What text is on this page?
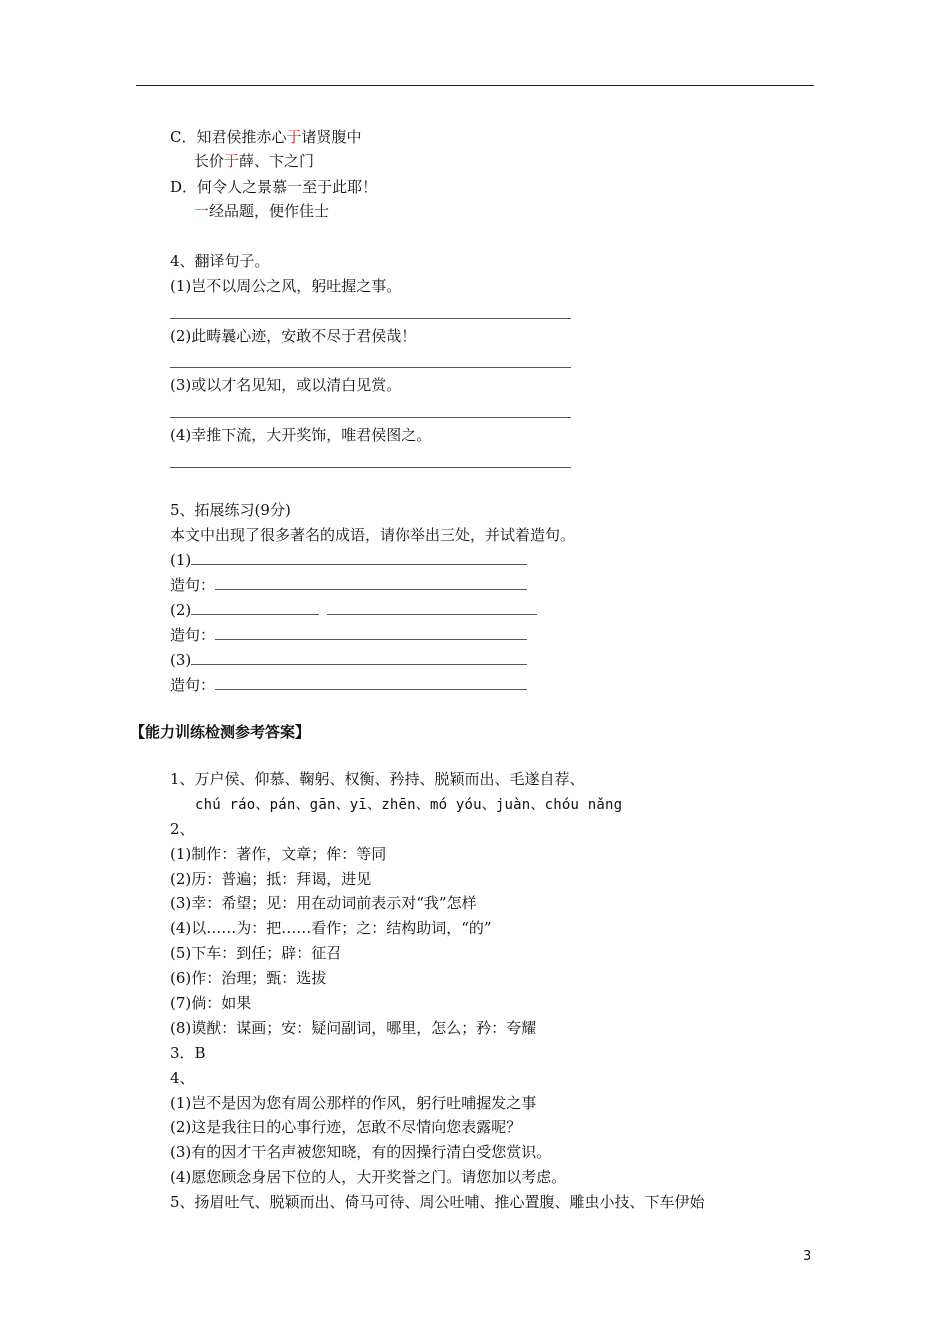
C．知君侯推赤心于诸贤腹中
长价于薛、卞之门
D．何令人之景慕一至于此耶！
一经品题，便作佳士
4、翻译句子。
(1)岂不以周公之风，躬吐握之事。
(2)此畴曩心迹，安敢不尽于君侯哉！
(3)或以才名见知，或以清白见赏。
(4)幸推下流，大开奖饰，唯君侯图之。
5、拓展练习(9分)
本文中出现了很多著名的成语，请你举出三处，并试着造句。
(1)
造句：
(2)
造句：
(3)
造句：
【能力训练检测参考答案】
1、万户侯、仰慕、鞠躬、权衡、矜持、脱颖而出、毛遂自荐、
chú ráo、pán、gān、yī、zhēn、mó yóu、juàn、chóu nǎng
2、
(1)制作：著作，文章；侔：等同
(2)历：普遍；抵：拜谒，进见
(3)幸：希望；见：用在动词前表示对“我”怎样
(4)以……为：把……看作；之：结构助词，“的”
(5)下车：到任；辟：征召
(6)作：治理；甄：选拔
(7)倘：如果
(8)谟猷：谋画；安：疑问副词，哪里，怎么；矜：夸耀
3．B
4、
(1)岂不是因为您有周公那样的作风，躬行吐哺握发之事
(2)这是我往日的心事行迹，怎敢不尽情向您表露呢？
(3)有的因才干名声被您知晓，有的因操行清白受您赏识。
(4)愿您顾念身居下位的人，大开奖誉之门。请您加以考虑。
5、扬眉吐气、脱颖而出、倚马可待、周公吐哺、推心置腹、雕虫小技、下车伊始
3
